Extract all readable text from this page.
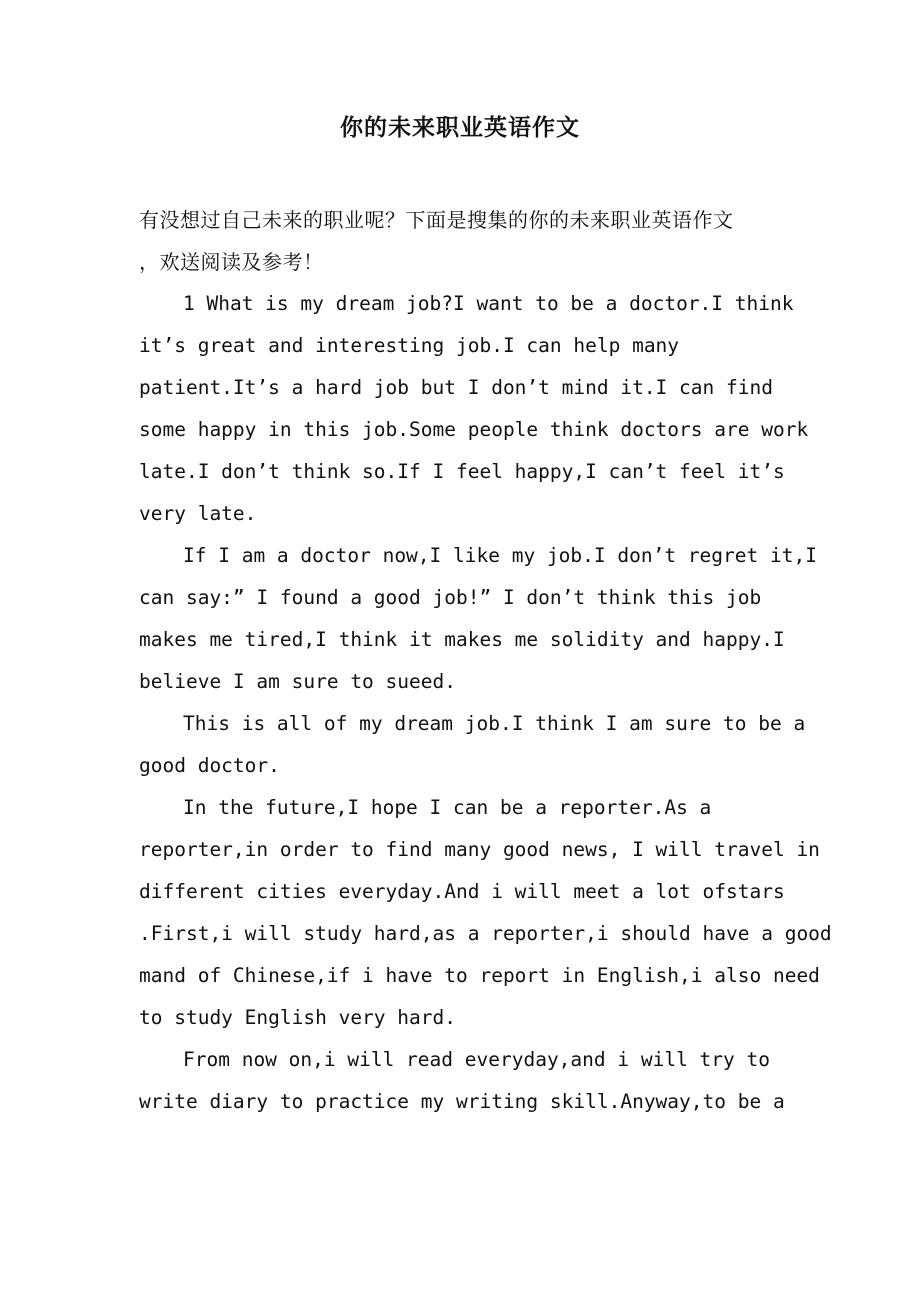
你的未来职业英语作文
有没想过自己未来的职业呢？下面是搜集的你的未来职业英语作文
，欢送阅读及参考！
1 What is my dream job?I want to be a doctor.I think
it’s great and interesting job.I can help many
patient.It’s a hard job but I don’t mind it.I can find
some happy in this job.Some people think doctors are work
late.I don’t think so.If I feel happy,I can’t feel it’s
very late.
If I am a doctor now,I like my job.I don’t regret it,I
can say:” I found a good job!” I don’t think this job
makes me tired,I think it makes me solidity and happy.I
believe I am sure to sueed.
This is all of my dream job.I think I am sure to be a
good doctor.
In the future,I hope I can be a reporter.As a
reporter,in order to find many good news, I will travel in
different cities everyday.And i will meet a lot ofstars
.First,i will study hard,as a reporter,i should have a good
mand of Chinese,if i have to report in English,i also need
to study English very hard.
From now on,i will read everyday,and i will try to
write diary to practice my writing skill.Anyway,to be a
